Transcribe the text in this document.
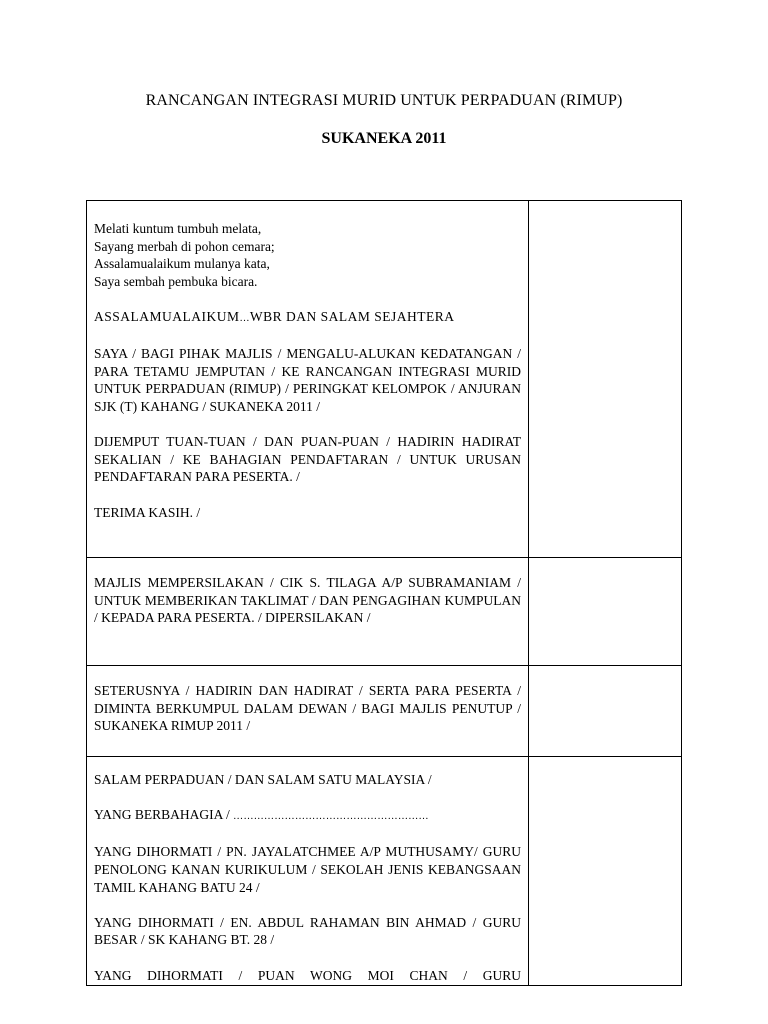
RANCANGAN INTEGRASI MURID UNTUK PERPADUAN (RIMUP)
SUKANEKA 2011

Melati kuntum tumbuh melata,
Sayang merbah di pohon cemara;
Assalamualaikum mulanya kata,
Saya sembah pembuka bicara.

ASSALAMUALAIKUM…WBR DAN SALAM SEJAHTERA

SAYA / BAGI PIHAK MAJLIS / MENGALU-ALUKAN KEDATANGAN / PARA TETAMU JEMPUTAN / KE RANCANGAN INTEGRASI MURID UNTUK PERPADUAN (RIMUP) / PERINGKAT KELOMPOK / ANJURAN SJK (T) KAHANG / SUKANEKA 2011 /

DIJEMPUT TUAN-TUAN / DAN PUAN-PUAN / HADIRIN HADIRAT SEKALIAN / KE BAHAGIAN PENDAFTARAN / UNTUK URUSAN PENDAFTARAN PARA PESERTA. /

TERIMA KASIH. /

MAJLIS MEMPERSILAKAN / CIK S. TILAGA A/P SUBRAMANIAM / UNTUK MEMBERIKAN TAKLIMAT / DAN PENGAGIHAN KUMPULAN / KEPADA PARA PESERTA. / DIPERSILAKAN /

SETERUSNYA / HADIRIN DAN HADIRAT / SERTA PARA PESERTA / DIMINTA BERKUMPUL DALAM DEWAN / BAGI MAJLIS PENUTUP / SUKANEKA RIMUP 2011 /

SALAM PERPADUAN / DAN SALAM SATU MALAYSIA /

YANG BERBAHAGIA / …………………………………………………

YANG DIHORMATI / PN. JAYALATCHMEE A/P MUTHUSAMY/ GURU PENOLONG KANAN KURIKULUM / SEKOLAH JENIS KEBANGSAAN TAMIL KAHANG BATU 24 /

YANG DIHORMATI / EN. ABDUL RAHAMAN BIN AHMAD / GURU BESAR / SK KAHANG BT. 28 /

YANG DIHORMATI / PUAN WONG MOI CHAN / GURU
